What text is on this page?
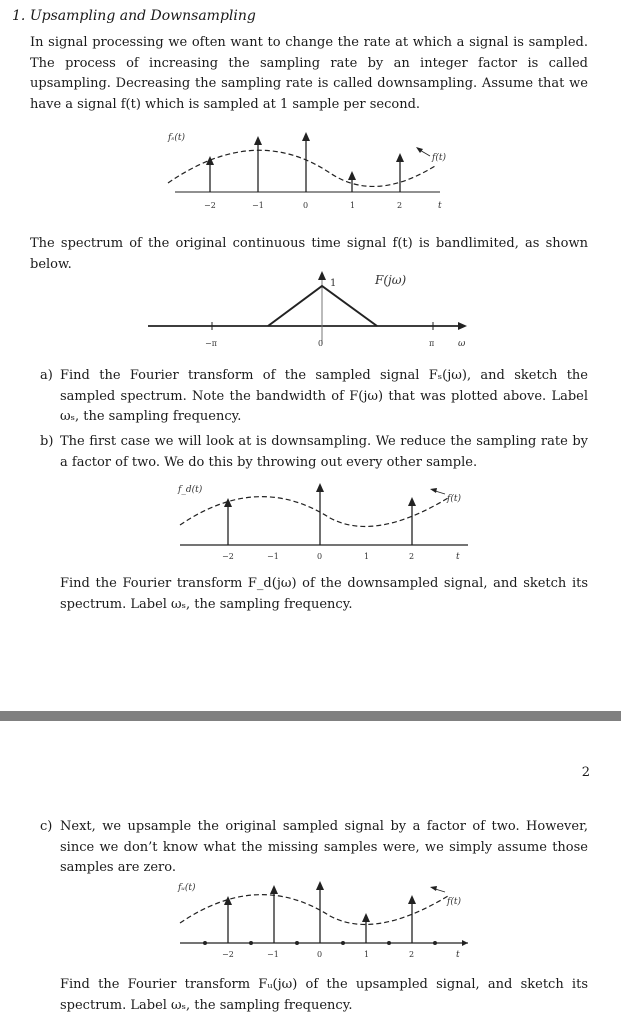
1. Upsampling and Downsampling
In signal processing we often want to change the rate at which a signal is sampled. The process of increasing the sampling rate by an integer factor is called upsampling. Decreasing the sampling rate is called downsampling. Assume that we have a signal f(t) which is sampled at 1 sample per second.
fₛ(t)
f(t)
−2	−1	0	1	2	t
The spectrum of the original continuous time signal f(t) is bandlimited, as shown below.
1	F(jω)
−π	0	π	ω
a) Find the Fourier transform of the sampled signal Fₛ(jω), and sketch the sampled spectrum. Note the bandwidth of F(jω) that was plotted above. Label ωₛ, the sampling frequency.
b) The first case we will look at is downsampling. We reduce the sampling rate by a factor of two. We do this by throwing out every other sample.
f_d(t)
f(t)
−2	−1	0	1	2	t
Find the Fourier transform F_d(jω) of the downsampled signal, and sketch its spectrum. Label ωₛ, the sampling frequency.
2
c) Next, we upsample the original sampled signal by a factor of two. However, since we don’t know what the missing samples were, we simply assume those samples are zero.
fᵤ(t)
f(t)
−2	−1	0	1	2	t
Find the Fourier transform Fᵤ(jω) of the upsampled signal, and sketch its spectrum. Label ωₛ, the sampling frequency.
